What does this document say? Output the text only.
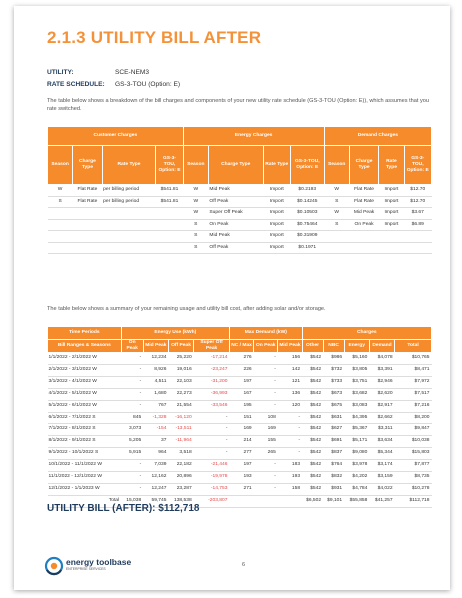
2.1.3 UTILITY BILL AFTER
UTILITY:	SCE-NEM3
RATE SCHEDULE: GS-3-TOU (Option: E)
The table below shows a breakdown of the bill charges and components of your new utility rate schedule (GS-3-TOU (Option: E)), which assumes that you rate switched.
Customer Charges				Energy Charges				Demand Charges			
Season	Charge Type	Rate Type	GS-3-TOU, Option: E	Season	Charge Type	Rate Type	GS-3-TOU, Option: E	Season	Charge Type	Rate Type	GS-3-TOU, Option: E
W	Flat Rate	per billing period	$541.81	W	Mid Peak	Import	$0.2193	W	Flat Rate	Import	$12.70
S	Flat Rate	per billing period	$541.81	W	Off Peak	Import	$0.14245	S	Flat Rate	Import	$12.70
				W	Super Off Peak	Import	$0.10503	W	Mid Peak	Import	$3.67
				S	On Peak	Import	$0.75464	S	On Peak	Import	$6.89
				S	Mid Peak	Import	$0.31909				
				S	Off Peak	Import	$0.1971				
The table below shows a summary of your remaining usage and utility bill cost, after adding solar and/or storage.
Time Periods	Energy Use (kWh)				Max Demand (kW)			Charges				
Bill Ranges & Seasons	On Peak	Mid Peak	Off Peak	Super Off Peak	NC / Max	On Peak	Mid Peak	Other	NBC	Energy	Demand	Total
1/1/2022 - 2/1/2022 W	-	12,234	25,220	-17,214	276	-	156	$542	$986	$5,160	$4,078	$10,765
2/1/2022 - 3/1/2022 W	-	8,926	19,016	-23,247	226	-	142	$542	$732	$3,805	$3,391	$8,471
3/1/2022 - 4/1/2022 W	-	4,511	22,103	-31,200	197	-	121	$542	$733	$3,751	$2,946	$7,972
4/1/2022 - 5/1/2022 W	-	1,680	22,273	-36,993	167	-	136	$542	$673	$3,682	$2,620	$7,517
5/1/2022 - 6/1/2022 W	-	767	21,554	-33,546	195	-	120	$542	$675	$3,083	$2,917	$7,216
6/1/2022 - 7/1/2022 S	845	-1,328	-16,120	-	151	108	-	$542	$631	$4,395	$2,662	$8,200
7/1/2022 - 8/1/2022 S	3,073	-154	-13,511	-	169	169	-	$542	$627	$5,367	$3,311	$9,847
8/1/2022 - 9/1/2022 S	5,205	37	-11,964	-	214	155	-	$542	$691	$5,171	$3,634	$10,038
9/1/2022 - 10/1/2022 S	5,915	964	3,518	-	277	265	-	$542	$837	$9,080	$5,344	$15,803
10/1/2022 - 11/1/2022 W	-	7,039	22,182	-21,446	197	-	183	$542	$764	$3,978	$3,174	$7,877
11/1/2022 - 12/1/2022 W	-	12,162	20,896	-19,978	193	-	193	$542	$832	$4,202	$3,159	$8,735
12/1/2022 - 1/1/2023 W	-	12,247	23,287	-14,753	271	-	158	$542	$931	$4,784	$4,022	$10,278
Total	15,038	59,745	138,538	-203,807				$6,502	$9,101	$55,858	$41,257	$112,718
UTILITY BILL (AFTER): $112,718
energy toolbase
ENTERPRISE SERVICES
6
